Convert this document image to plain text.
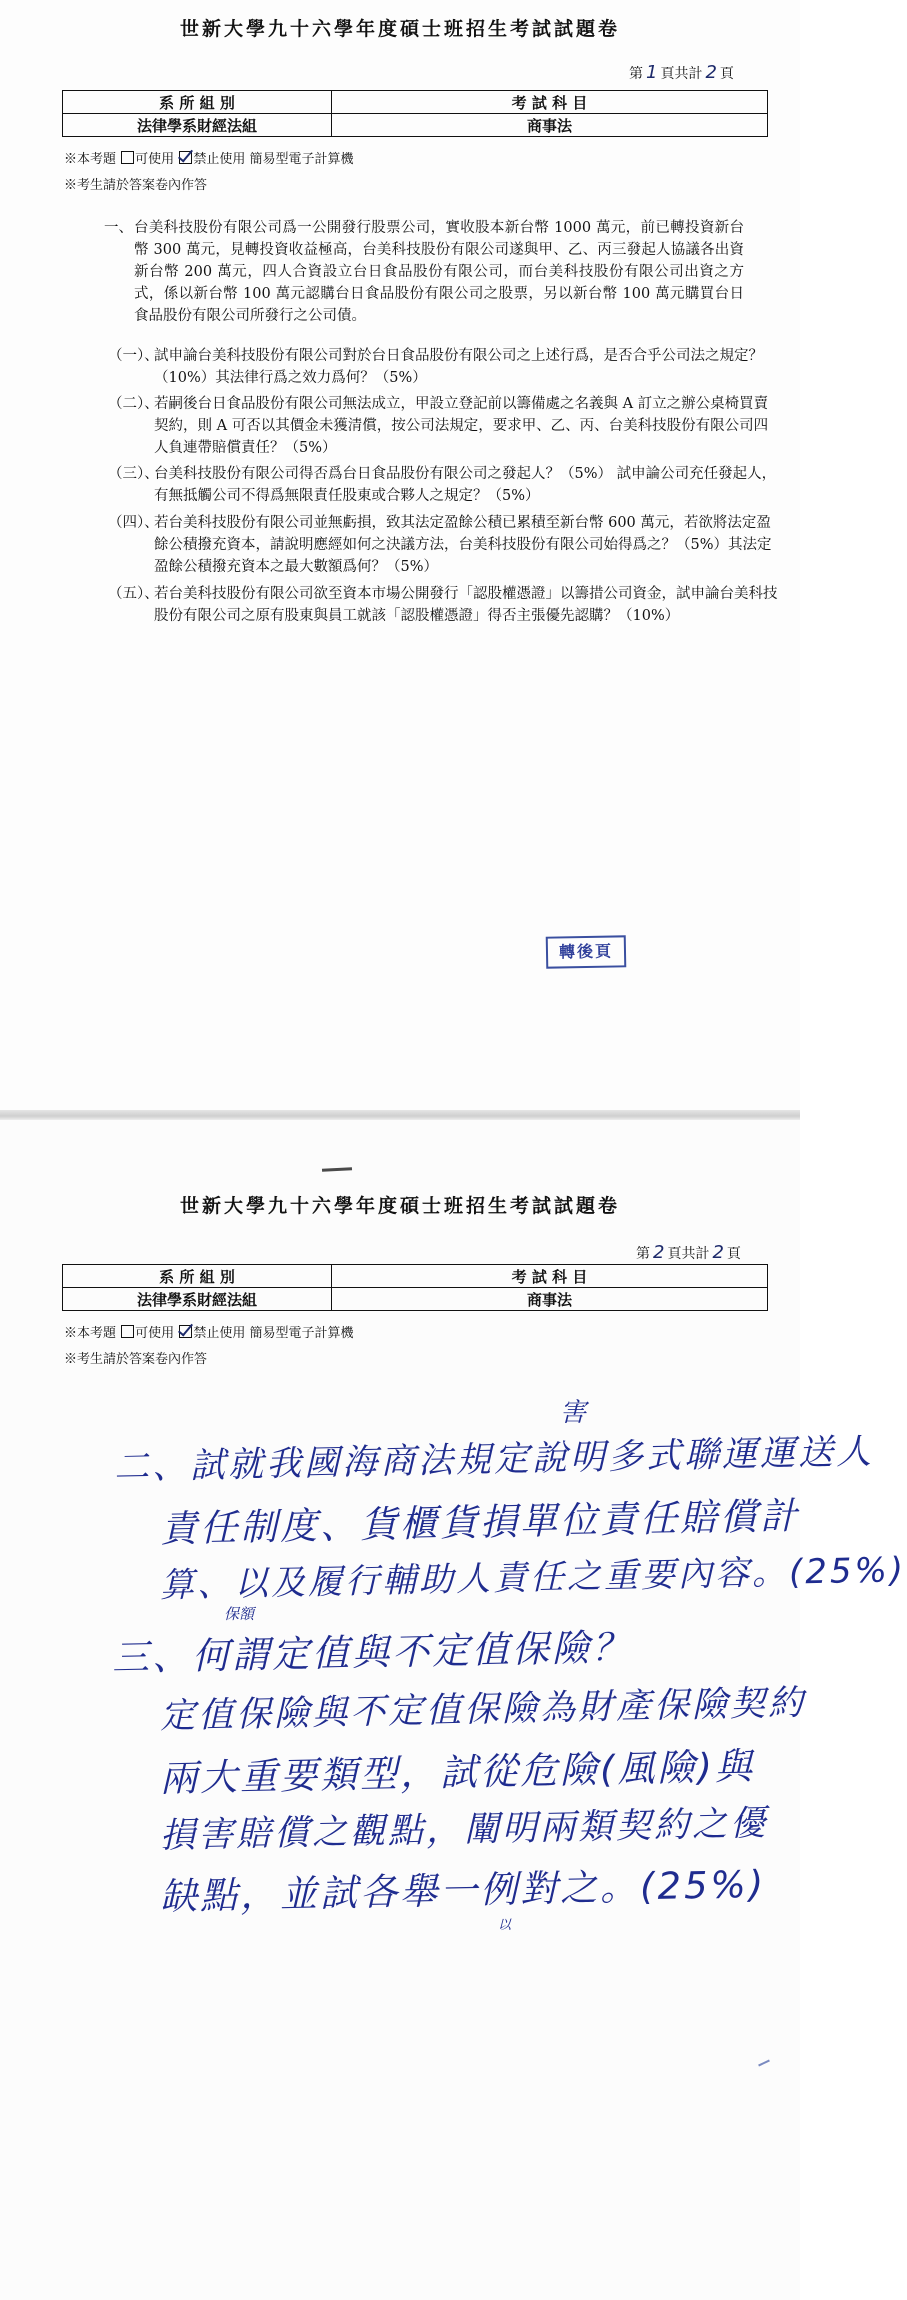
世新大學九十六學年度碩士班招生考試試題卷
第 1 頁共計 2 頁
系 所 組 別	考 試 科 目
法律學系財經法組	商事法
※本考題 可使用 禁止使用 簡易型電子計算機
※考生請於答案卷內作答
一、 台美科技股份有限公司爲一公開發行股票公司，實收股本新台幣 1000 萬元，前已轉投資新台幣 300 萬元，見轉投資收益極高，台美科技股份有限公司遂與甲、乙、丙三發起人協議各出資新台幣 200 萬元，四人合資設立台日食品股份有限公司，而台美科技股份有限公司出資之方式，係以新台幣 100 萬元認購台日食品股份有限公司之股票，另以新台幣 100 萬元購買台日食品股份有限公司所發行之公司債。
（一）、
試申論台美科技股份有限公司對於台日食品股份有限公司之上述行爲，是否合乎公司法之規定？（10%）其法律行爲之效力爲何？（5%）
（二）、
若嗣後台日食品股份有限公司無法成立，甲設立登記前以籌備處之名義與 A 訂立之辦公桌椅買賣契約，則 A 可否以其價金未獲清償，按公司法規定，要求甲、乙、丙、台美科技股份有限公司四人負連帶賠償責任？（5%）
（三）、
台美科技股份有限公司得否爲台日食品股份有限公司之發起人？（5%） 試申論公司充任發起人，有無抵觸公司不得爲無限責任股東或合夥人之規定？（5%）
（四）、
若台美科技股份有限公司並無虧損，致其法定盈餘公積已累積至新台幣 600 萬元，若欲將法定盈餘公積撥充資本，請說明應經如何之決議方法，台美科技股份有限公司始得爲之？（5%）其法定盈餘公積撥充資本之最大數額爲何？（5%）
（五）、
若台美科技股份有限公司欲至資本市場公開發行「認股權憑證」以籌措公司資金，試申論台美科技股份有限公司之原有股東與員工就該「認股權憑證」得否主張優先認購？（10%）
轉後頁
世新大學九十六學年度碩士班招生考試試題卷
第 2 頁共計 2 頁
系 所 組 別	考 試 科 目
法律學系財經法組	商事法
※本考題 可使用 禁止使用 簡易型電子計算機
※考生請於答案卷內作答
害
二、試就我國海商法規定說明多式聯運運送人
責任制度、貨櫃貨損單位責任賠償計
算、以及履行輔助人責任之重要內容。(25%)
保額
三、何謂定值與不定值保險？
定值保險與不定值保險為財產保險契約
兩大重要類型，試從危險(風險)與
損害賠償之觀點，闡明兩類契約之優
缺點，並試各舉一例對之。(25%)
以
